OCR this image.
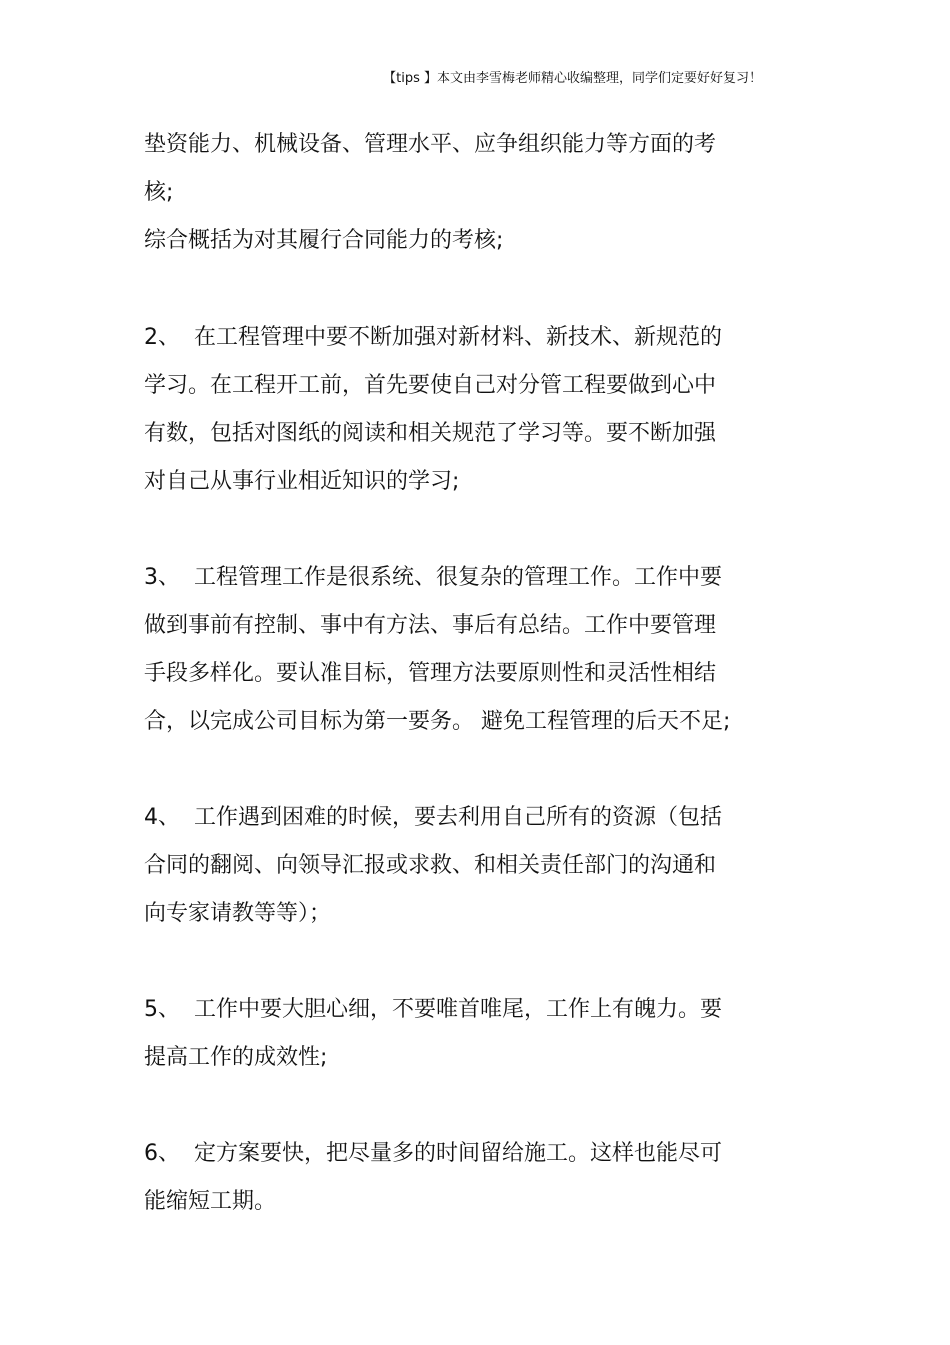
【tips 】本文由李雪梅老师精心收编整理，同学们定要好好复习！
垫资能力、机械设备、管理水平、应争组织能力等方面的考
核;
综合概括为对其履行合同能力的考核;
2、 在工程管理中要不断加强对新材料、新技术、新规范的
学习。在工程开工前，首先要使自己对分管工程要做到心中
有数，包括对图纸的阅读和相关规范了学习等。要不断加强
对自己从事行业相近知识的学习;
3、 工程管理工作是很系统、很复杂的管理工作。工作中要
做到事前有控制、事中有方法、事后有总结。工作中要管理
手段多样化。要认准目标，管理方法要原则性和灵活性相结
合，以完成公司目标为第一要务。 避免工程管理的后天不足;
4、 工作遇到困难的时候，要去利用自己所有的资源（包括
合同的翻阅、向领导汇报或求救、和相关责任部门的沟通和
向专家请教等等）；
5、 工作中要大胆心细，不要唯首唯尾，工作上有魄力。要
提高工作的成效性;
6、 定方案要快，把尽量多的时间留给施工。这样也能尽可
能缩短工期。
